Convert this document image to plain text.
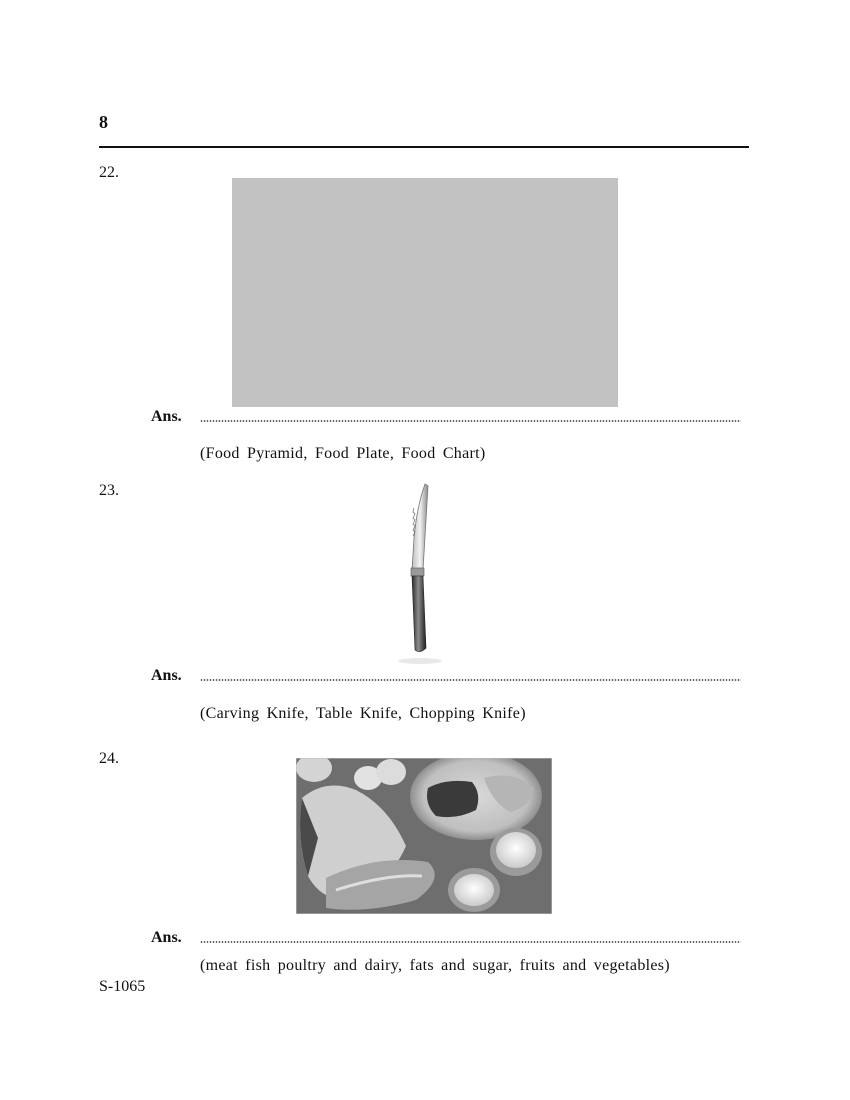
8
22.
Ans.
(Food Pyramid, Food Plate, Food Chart)
23.
Ans.
(Carving Knife, Table Knife, Chopping Knife)
24.
Ans.
(meat fish poultry and dairy, fats and sugar, fruits and vegetables)
S-1065
